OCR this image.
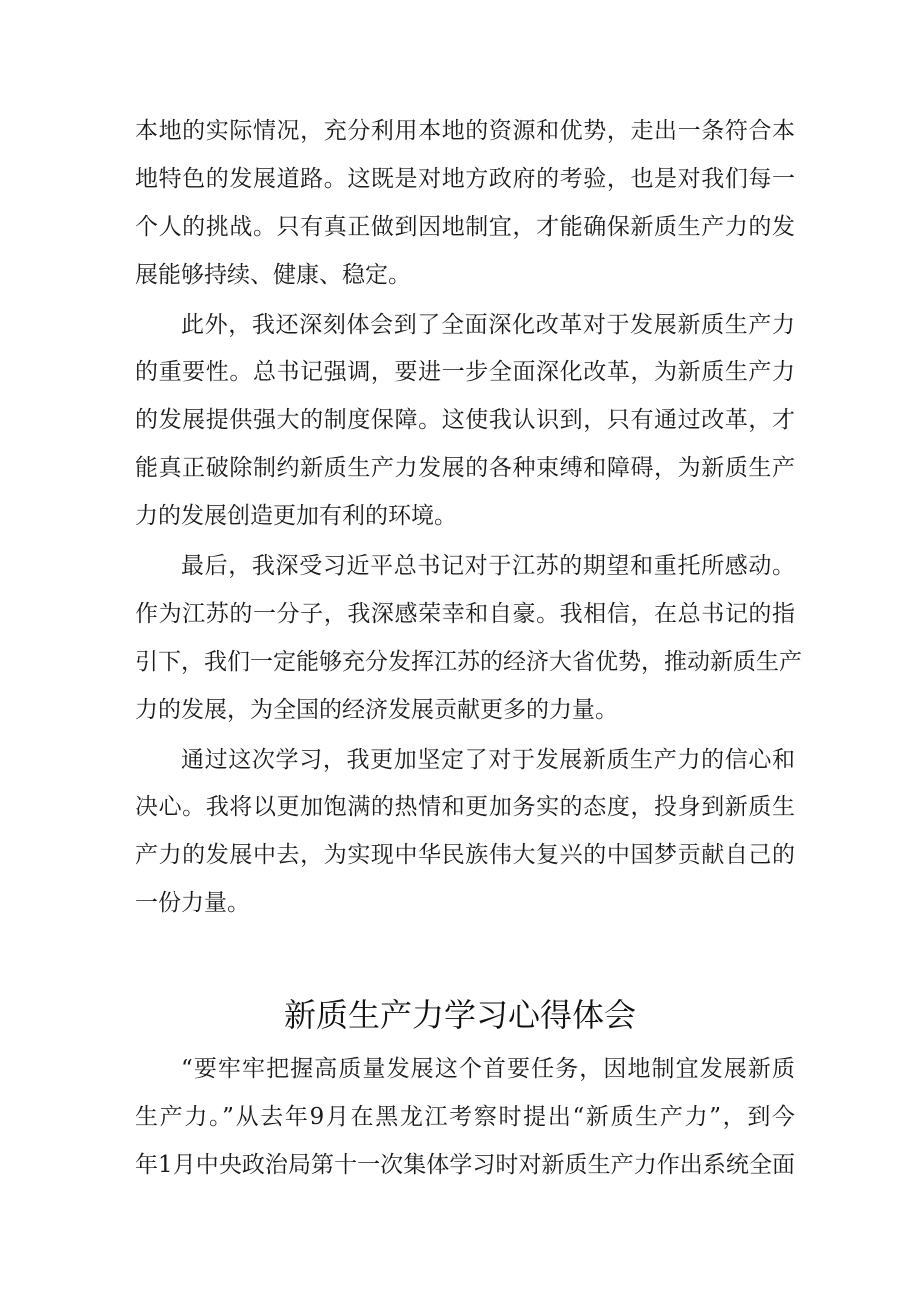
本地的实际情况，充分利用本地的资源和优势，走出一条符合本
地特色的发展道路。这既是对地方政府的考验，也是对我们每一
个人的挑战。只有真正做到因地制宜，才能确保新质生产力的发
展能够持续、健康、稳定。
此外，我还深刻体会到了全面深化改革对于发展新质生产力
的重要性。总书记强调，要进一步全面深化改革，为新质生产力
的发展提供强大的制度保障。这使我认识到，只有通过改革，才
能真正破除制约新质生产力发展的各种束缚和障碍，为新质生产
力的发展创造更加有利的环境。
最后，我深受习近平总书记对于江苏的期望和重托所感动。
作为江苏的一分子，我深感荣幸和自豪。我相信，在总书记的指
引下，我们一定能够充分发挥江苏的经济大省优势，推动新质生产
力的发展，为全国的经济发展贡献更多的力量。
通过这次学习，我更加坚定了对于发展新质生产力的信心和
决心。我将以更加饱满的热情和更加务实的态度，投身到新质生
产力的发展中去，为实现中华民族伟大复兴的中国梦贡献自己的
一份力量。
新质生产力学习心得体会
“要牢牢把握高质量发展这个首要任务，因地制宜发展新质
生产力。”从去年9月在黑龙江考察时提出“新质生产力”，到今
年1月中央政治局第十一次集体学习时对新质生产力作出系统全面
